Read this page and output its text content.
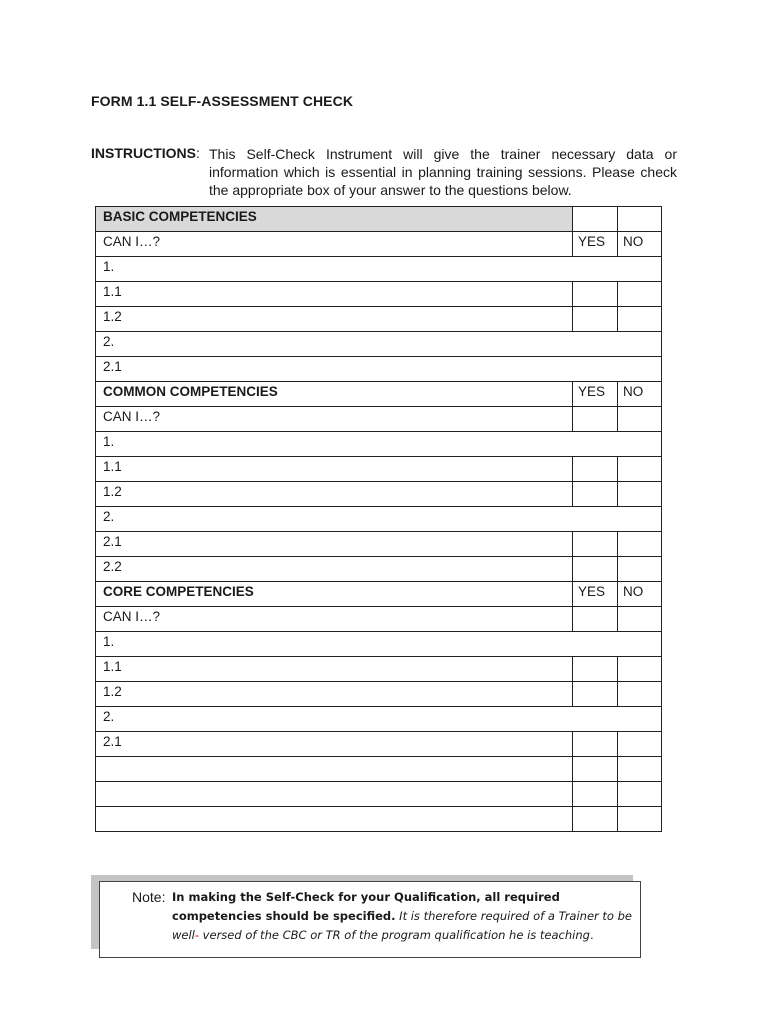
FORM 1.1 SELF-ASSESSMENT CHECK
INSTRUCTIONS: This Self-Check Instrument will give the trainer necessary data or information which is essential in planning training sessions. Please check the appropriate box of your answer to the questions below.
BASIC COMPETENCIES		
CAN I…?	YES	NO
1.		
1.1		
1.2		
2.		
2.1		
COMMON COMPETENCIES	YES	NO
CAN I…?		
1.		
1.1		
1.2		
2.		
2.1		
2.2		
CORE COMPETENCIES	YES	NO
CAN I…?		
1.		
1.1		
1.2		
2.		
2.1		

Note: In making the Self-Check for your Qualification, all required competencies should be specified. It is therefore required of a Trainer to be well- versed of the CBC or TR of the program qualification he is teaching.
